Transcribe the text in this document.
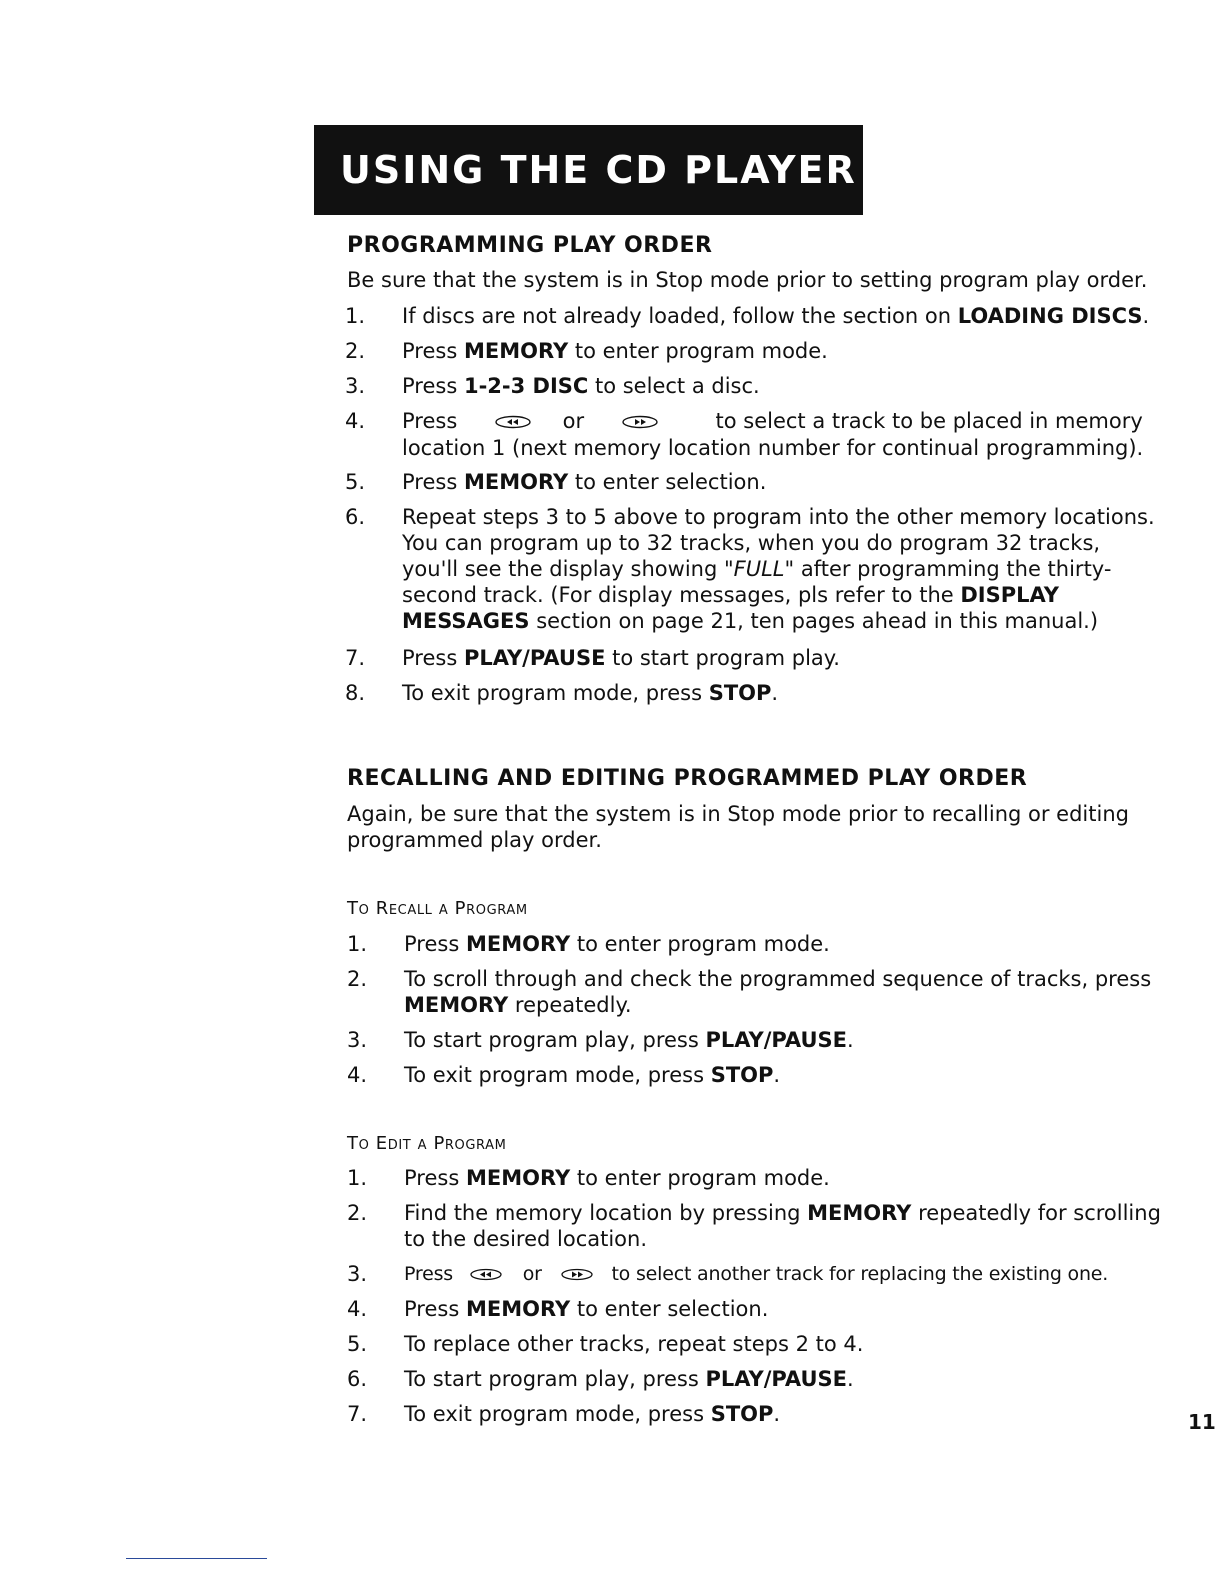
USING THE CD PLAYER
PROGRAMMING PLAY ORDER
Be sure that the system is in Stop mode prior to setting program play order.
1. If discs are not already loaded, follow the section on LOADING DISCS.
2. Press MEMORY to enter program mode.
3. Press 1-2-3 DISC to select a disc.
4. Press	or	to select a track to be placed in memory
location 1 (next memory location number for continual programming).
5. Press MEMORY to enter selection.
6. Repeat steps 3 to 5 above to program into the other memory locations.
You can program up to 32 tracks, when you do program 32 tracks,
you'll see the display showing "FULL" after programming the thirty-
second track. (For display messages, pls refer to the DISPLAY
MESSAGES section on page 21, ten pages ahead in this manual.)
7. Press PLAY/PAUSE to start program play.
8. To exit program mode, press STOP.
RECALLING AND EDITING PROGRAMMED PLAY ORDER
Again, be sure that the system is in Stop mode prior to recalling or editing
programmed play order.
To Recall a Program
1. Press MEMORY to enter program mode.
2. To scroll through and check the programmed sequence of tracks, press
MEMORY repeatedly.
3. To start program play, press PLAY/PAUSE.
4. To exit program mode, press STOP.
To Edit a Program
1. Press MEMORY to enter program mode.
2. Find the memory location by pressing MEMORY repeatedly for scrolling
to the desired location.
3. Press	or	to select another track for replacing the existing one.
4. Press MEMORY to enter selection.
5. To replace other tracks, repeat steps 2 to 4.
6. To start program play, press PLAY/PAUSE.
7. To exit program mode, press STOP.	11
